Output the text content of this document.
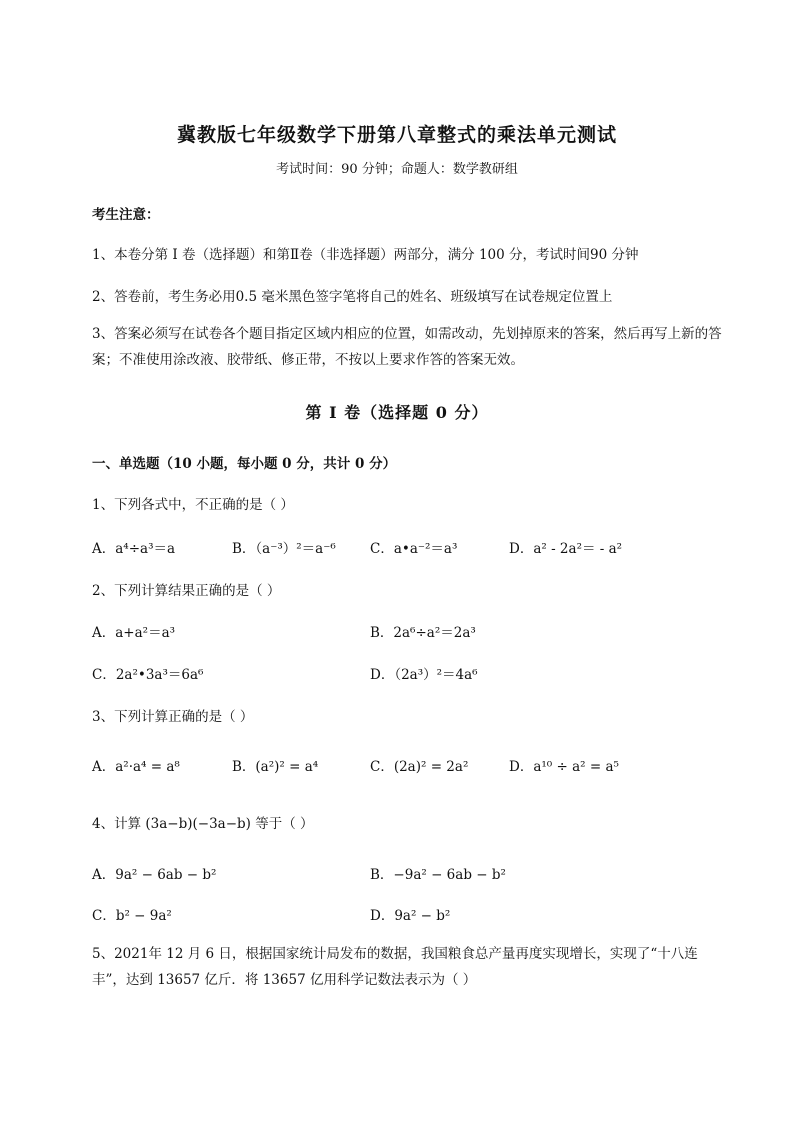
冀教版七年级数学下册第八章整式的乘法单元测试
考试时间：90 分钟；命题人：数学教研组
考生注意：
1、本卷分第 I 卷（选择题）和第Ⅱ卷（非选择题）两部分，满分 100 分，考试时间90 分钟
2、答卷前，考生务必用0.5 毫米黑色签字笔将自己的姓名、班级填写在试卷规定位置上
3、答案必须写在试卷各个题目指定区域内相应的位置，如需改动，先划掉原来的答案，然后再写上新的答案；不准使用涂改液、胶带纸、修正带，不按以上要求作答的答案无效。
第 I 卷（选择题 0 分）
一、单选题（10 小题，每小题 0 分，共计 0 分）
1、下列各式中，不正确的是（ ）
A．a⁴÷a³＝a	B．（a⁻³）²＝a⁻⁶	C．a•a⁻²＝a³	D．a² - 2a²＝ - a²
2、下列计算结果正确的是（ ）
A．a+a²＝a³	B．2a⁶÷a²＝2a³
C．2a²•3a³＝6a⁶	D．（2a³）²＝4a⁶
3、下列计算正确的是（ ）
A．a²·a⁴ = a⁸	B．(a²)² = a⁴	C．(2a)² = 2a²	D．a¹⁰ ÷ a² = a⁵
4、计算 (3a−b)(−3a−b) 等于（ ）
A．9a² − 6ab − b²	B．−9a² − 6ab − b²
C．b² − 9a²	D．9a² − b²
5、2021年 12 月 6 日，根据国家统计局发布的数据，我国粮食总产量再度实现增长，实现了“十八连丰”，达到 13657 亿斤．将 13657 亿用科学记数法表示为（ ）
